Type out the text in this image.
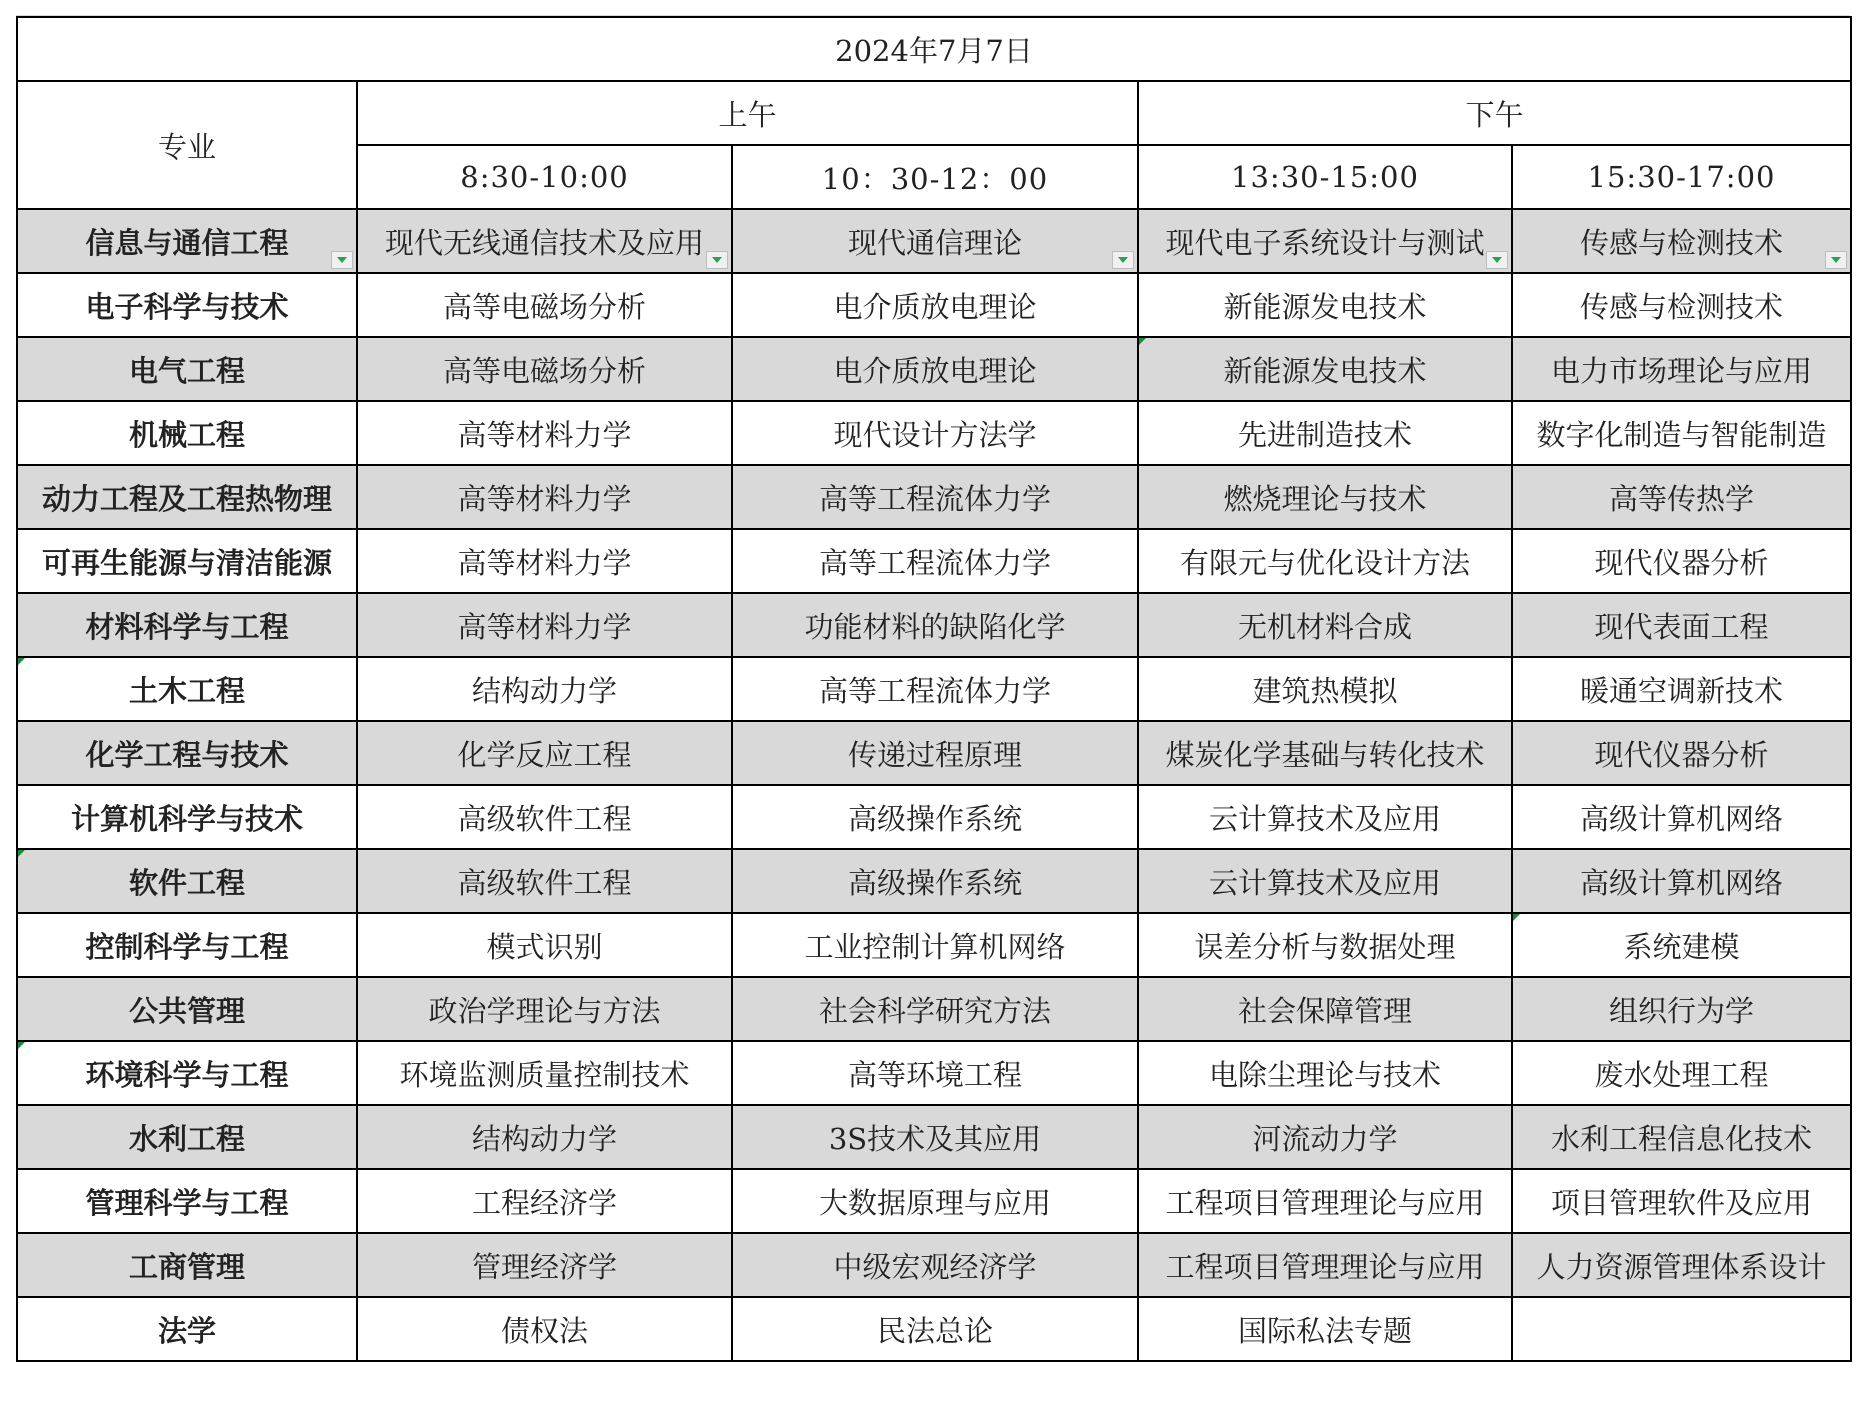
2024年7月7日				
专业	上午		下午	
	8:30-10:00	10：30-12：00	13:30-15:00	15:30-17:00
信息与通信工程	现代无线通信技术及应用	现代通信理论	现代电子系统设计与测试	传感与检测技术

电子科学与技术	高等电磁场分析	电介质放电理论	新能源发电技术	传感与检测技术
电气工程	高等电磁场分析	电介质放电理论	新能源发电技术	电力市场理论与应用
机械工程	高等材料力学	现代设计方法学	先进制造技术	数字化制造与智能制造
动力工程及工程热物理	高等材料力学	高等工程流体力学	燃烧理论与技术	高等传热学
可再生能源与清洁能源	高等材料力学	高等工程流体力学	有限元与优化设计方法	现代仪器分析
材料科学与工程	高等材料力学	功能材料的缺陷化学	无机材料合成	现代表面工程
土木工程	结构动力学	高等工程流体力学	建筑热模拟	暖通空调新技术
化学工程与技术	化学反应工程	传递过程原理	煤炭化学基础与转化技术	现代仪器分析
计算机科学与技术	高级软件工程	高级操作系统	云计算技术及应用	高级计算机网络
软件工程	高级软件工程	高级操作系统	云计算技术及应用	高级计算机网络
控制科学与工程	模式识别	工业控制计算机网络	误差分析与数据处理	系统建模

公共管理	政治学理论与方法	社会科学研究方法	社会保障管理	组织行为学
环境科学与工程	环境监测质量控制技术	高等环境工程	电除尘理论与技术	废水处理工程
水利工程	结构动力学	3S技术及其应用	河流动力学	水利工程信息化技术
管理科学与工程	工程经济学	大数据原理与应用	工程项目管理理论与应用	项目管理软件及应用
工商管理	管理经济学	中级宏观经济学	工程项目管理理论与应用	人力资源管理体系设计
法学	债权法	民法总论	国际私法专题	
